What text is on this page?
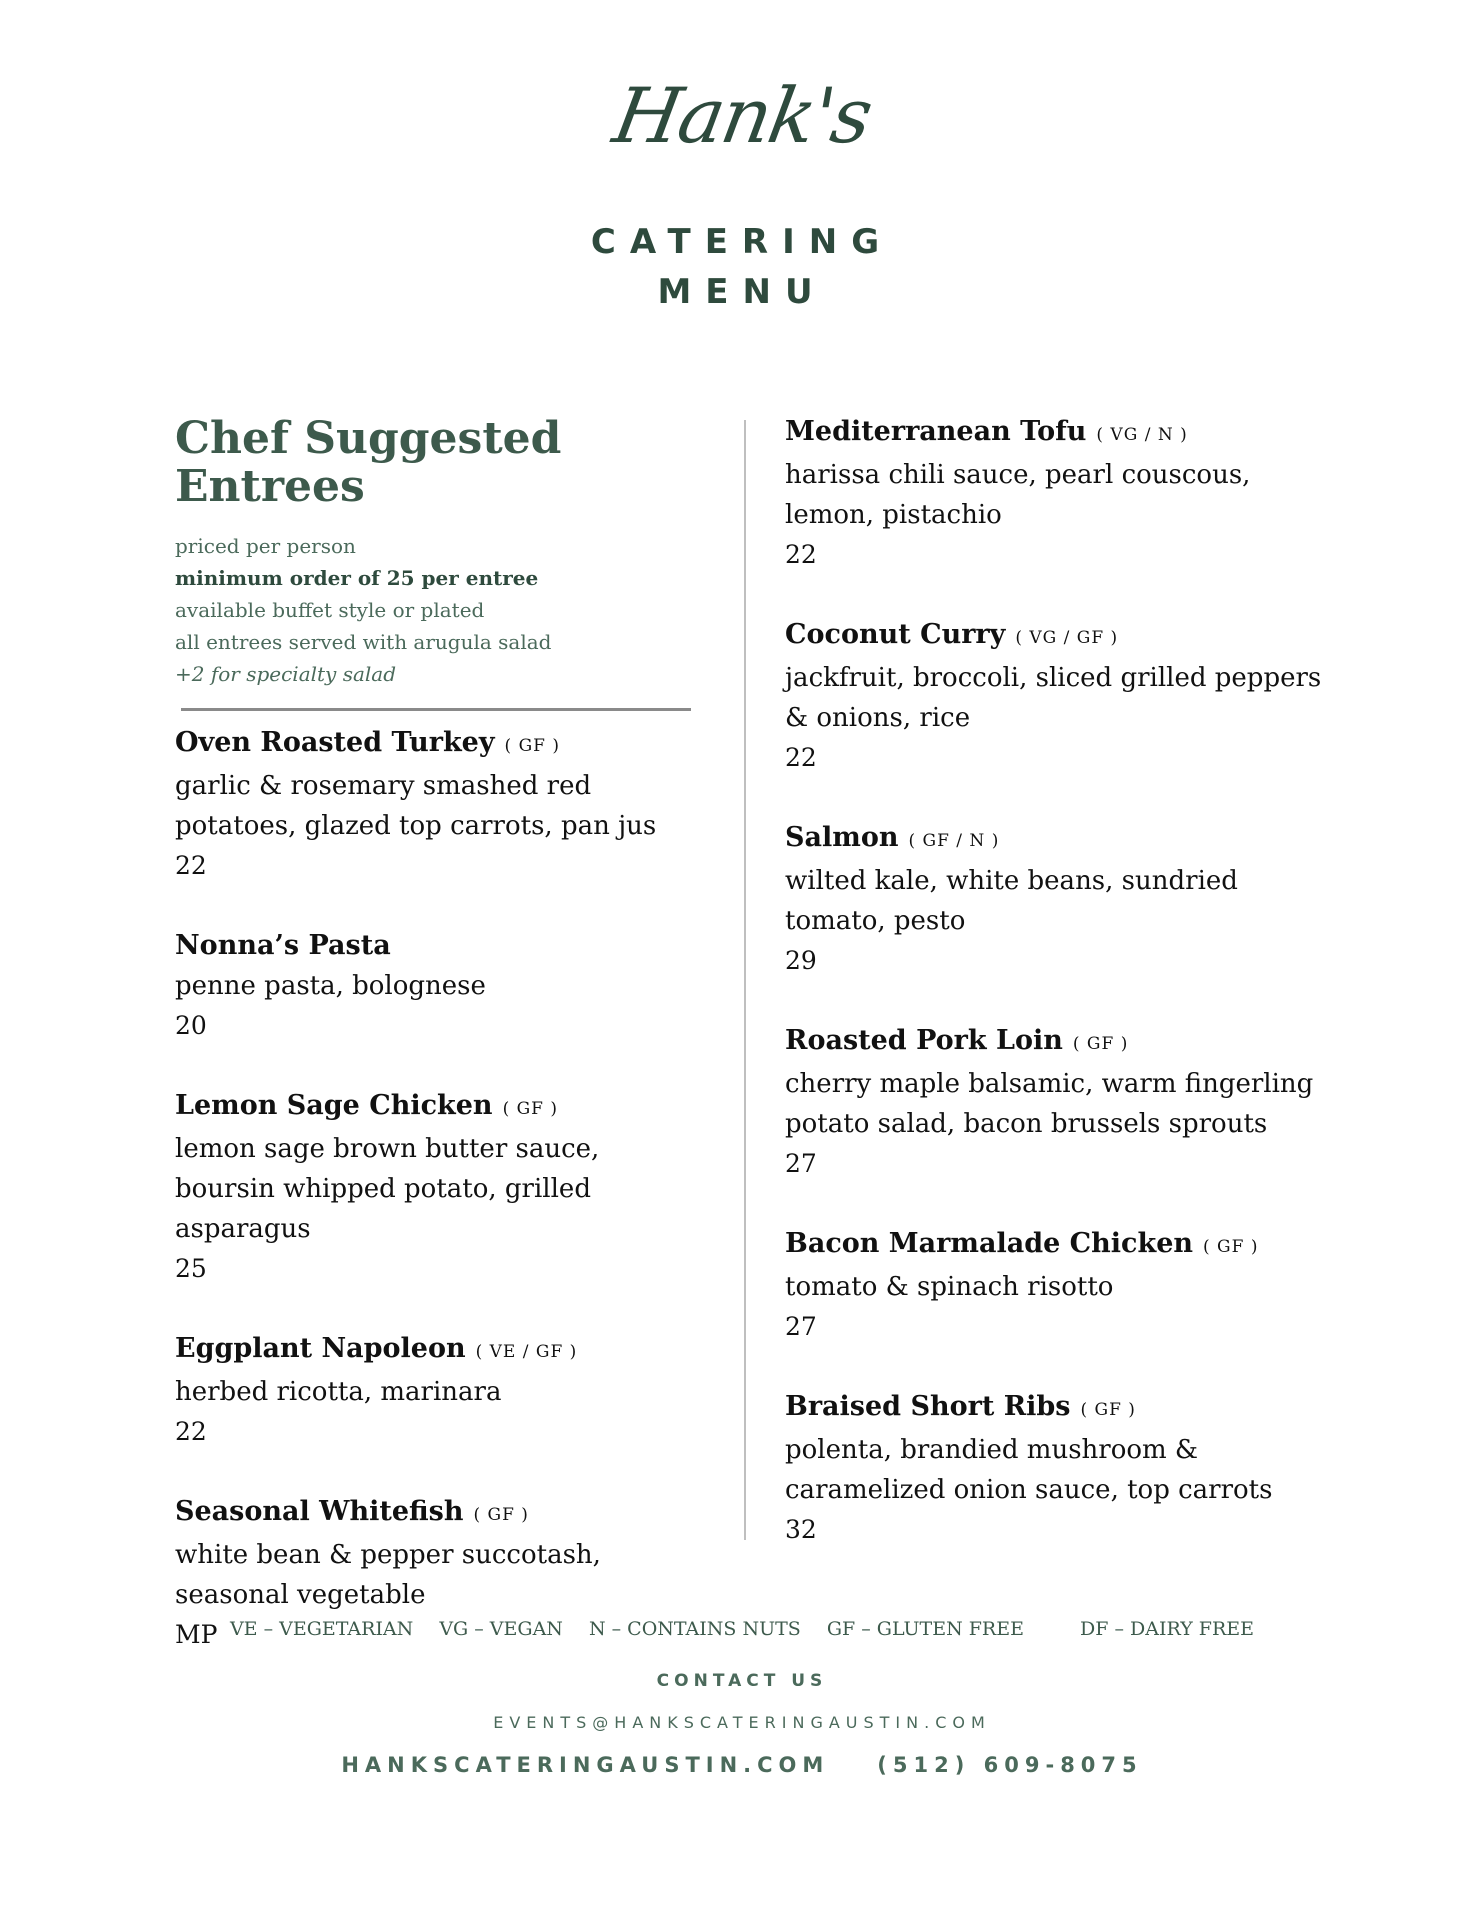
Hank's
CATERING
MENU
Chef Suggested Entrees
priced per person
minimum order of 25 per entree
available buffet style or plated
all entrees served with arugula salad
+2 for specialty salad
Oven Roasted Turkey ( GF )
garlic & rosemary smashed red potatoes, glazed top carrots, pan jus
22
Nonna’s Pasta
penne pasta, bolognese
20
Lemon Sage Chicken ( GF )
lemon sage brown butter sauce, boursin whipped potato, grilled asparagus
25
Eggplant Napoleon ( VE / GF )
herbed ricotta, marinara
22
Seasonal Whitefish ( GF )
white bean & pepper succotash, seasonal vegetable
MP
Mediterranean Tofu ( VG / N )
harissa chili sauce, pearl couscous, lemon, pistachio
22
Coconut Curry ( VG / GF )
jackfruit, broccoli, sliced grilled peppers & onions, rice
22
Salmon ( GF / N )
wilted kale, white beans, sundried tomato, pesto
29
Roasted Pork Loin ( GF )
cherry maple balsamic, warm fingerling potato salad, bacon brussels sprouts
27
Bacon Marmalade Chicken ( GF )
tomato & spinach risotto
27
Braised Short Ribs ( GF )
polenta, brandied mushroom & caramelized onion sauce, top carrots
32
VE – VEGETARIAN VG – VEGAN N – CONTAINS NUTS GF – GLUTEN FREE	DF – DAIRY FREE
CONTACT US
EVENTS@HANKSCATERINGAUSTIN.COM
HANKSCATERINGAUSTIN.COM (512) 609-8075
